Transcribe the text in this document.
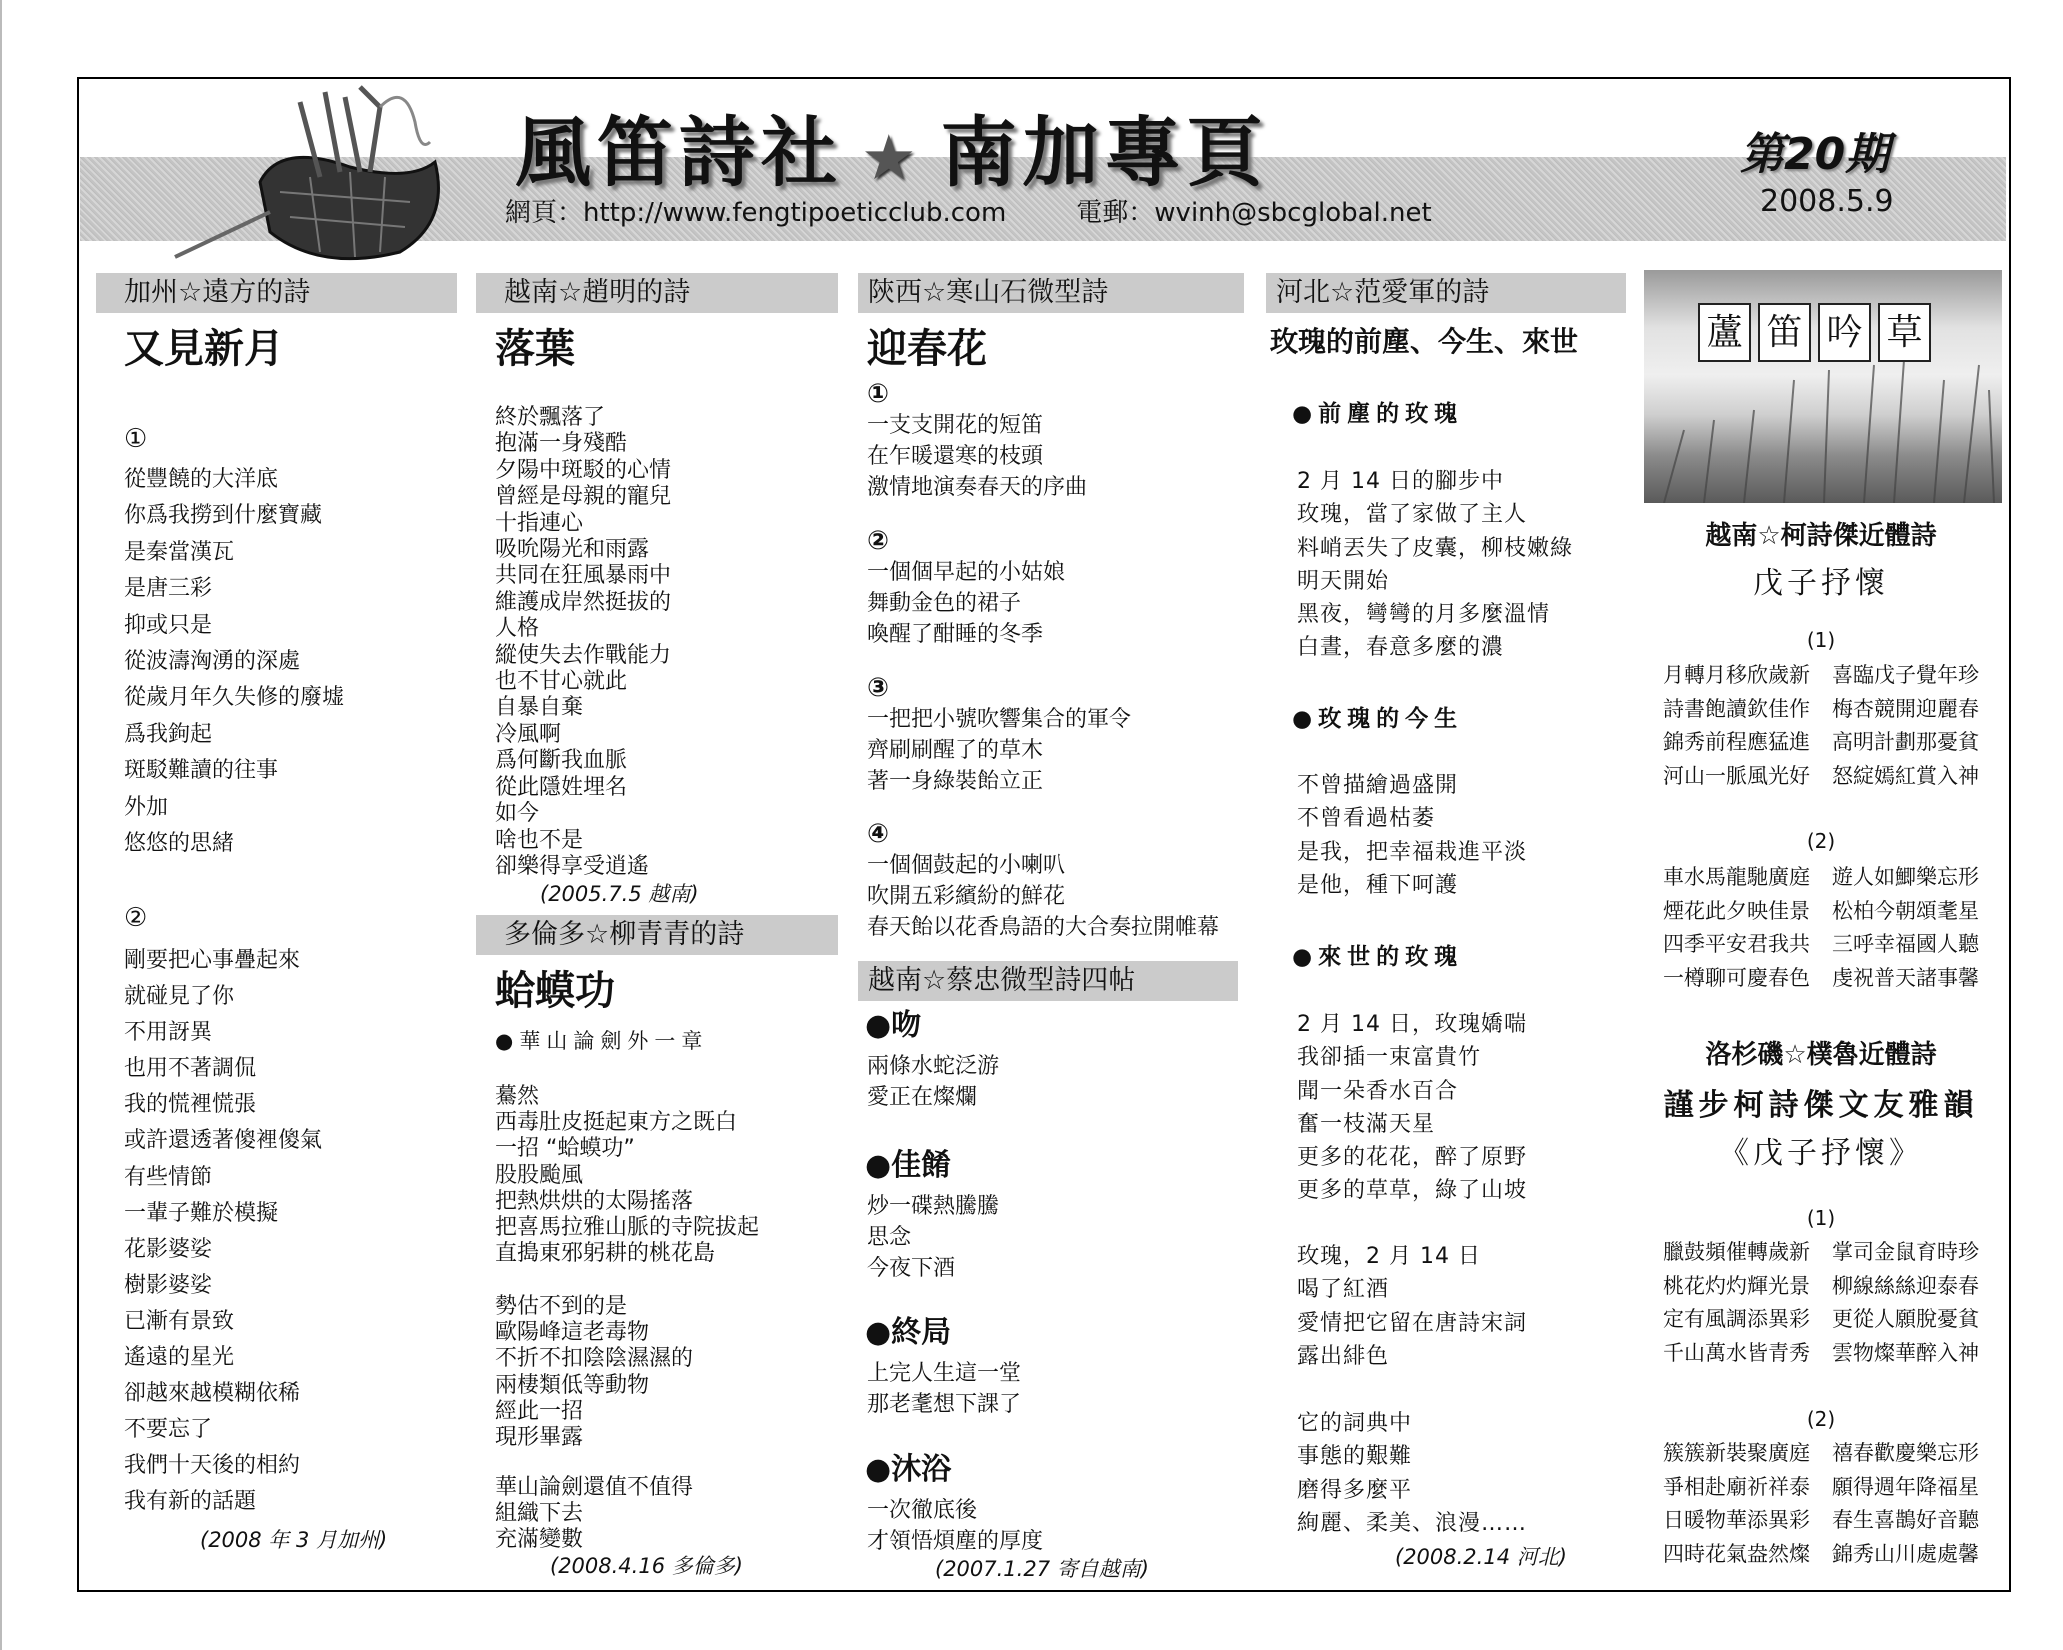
風笛詩社 ★ 南加專頁
網頁：http://www.fengtipoeticclub.com	電郵：wvinh@sbcglobal.net
第20期
2008.5.9
加州☆遠方的詩
又見新月
①
從豐饒的大洋底
你爲我撈到什麼寶藏
是秦當漢瓦
是唐三彩
抑或只是
從波濤洶湧的深處
從歲月年久失修的廢墟
爲我鉤起
斑駁難讀的往事
外加
悠悠的思緒
②
剛要把心事疊起來
就碰見了你
不用訝異
也用不著調侃
我的慌裡慌張
或許還透著傻裡傻氣
有些情節
一輩子難於模擬
花影婆娑
樹影婆娑
已漸有景致
遙遠的星光
卻越來越模糊依稀
不要忘了
我們十天後的相約
我有新的話題
(2008 年 3 月加州)
越南☆趙明的詩
落葉
終於飄落了
抱滿一身殘酷
夕陽中斑駁的心情
曾經是母親的寵兒
十指連心
吸吮陽光和雨露
共同在狂風暴雨中
維護成岸然挺拔的
人格
縱使失去作戰能力
也不甘心就此
自暴自棄
冷風啊
爲何斷我血脈
從此隱姓埋名
如今
啥也不是
卻樂得享受逍遙
(2005.7.5 越南)
多倫多☆柳青青的詩
蛤蟆功
●華山論劍外一章
驀然
西毒肚皮挺起東方之既白
一招 “蛤蟆功”
股股颱風
把熱烘烘的太陽搖落
把喜馬拉雅山脈的寺院拔起
直搗東邪躬耕的桃花島
勢估不到的是
歐陽峰這老毒物
不折不扣陰陰濕濕的
兩棲類低等動物
經此一招
現形畢露
華山論劍還值不值得
組織下去
充滿變數
(2008.4.16 多倫多)
陝西☆寒山石微型詩
迎春花
①
一支支開花的短笛
在乍暖還寒的枝頭
激情地演奏春天的序曲
②
一個個早起的小姑娘
舞動金色的裙子
喚醒了酣睡的冬季
③
一把把小號吹響集合的軍令
齊刷刷醒了的草木
著一身綠裝飴立正
④
一個個鼓起的小喇叭
吹開五彩繽紛的鮮花
春天飴以花香鳥語的大合奏拉開帷幕
越南☆蔡忠微型詩四帖
●吻
兩條水蛇泛游
愛正在燦爛
●佳餚
炒一碟熱騰騰
思念
今夜下酒
●終局
上完人生這一堂
那老耄想下課了
●沐浴
一次徹底後
才領悟煩塵的厚度
(2007.1.27 寄自越南)
河北☆范愛軍的詩
玫瑰的前塵、今生、來世
●前塵的玫瑰
2 月 14 日的腳步中
玫瑰，當了家做了主人
料峭丟失了皮囊，柳枝嫩綠
明天開始
黑夜，彎彎的月多麼溫情
白晝，春意多麼的濃
●玫瑰的今生
不曾描繪過盛開
不曾看過枯萎
是我，把幸福栽進平淡
是他，種下呵護
●來世的玫瑰
2 月 14 日，玫瑰嬌喘
我卻插一束富貴竹
聞一朵香水百合
奮一枝滿天星
更多的花花，醉了原野
更多的草草，綠了山坡
玫瑰，2 月 14 日
喝了紅酒
愛情把它留在唐詩宋詞
露出緋色
它的詞典中
事態的艱難
磨得多麼平
絢麗、柔美、浪漫……
(2008.2.14 河北)
蘆 笛 吟 草
越南☆柯詩傑近體詩
戊子抒懷
(1)
月轉月移欣歲新 喜臨戊子覺年珍
詩書飽讀欽佳作 梅杏競開迎麗春
錦秀前程應猛進 高明計劃那憂貧
河山一脈風光好 怒綻嫣紅賞入神
(2)
車水馬龍馳廣庭 遊人如鯽樂忘形
煙花此夕映佳景 松柏今朝頌耄星
四季平安君我共 三呼幸福國人聽
一樽聊可慶春色 虔祝普天諸事馨
洛杉磯☆樸魯近體詩
謹步柯詩傑文友雅韻
《戊子抒懷》
(1)
臘鼓頻催轉歲新 掌司金鼠育時珍
桃花灼灼輝光景 柳線絲絲迎泰春
定有風調添異彩 更從人願脫憂貧
千山萬水皆青秀 雲物燦華醉入神
(2)
簇簇新裝聚廣庭 禧春歡慶樂忘形
爭相赴廟祈祥泰 願得週年降福星
日暖物華添異彩 春生喜鵲好音聽
四時花氣盎然燦 錦秀山川處處馨
